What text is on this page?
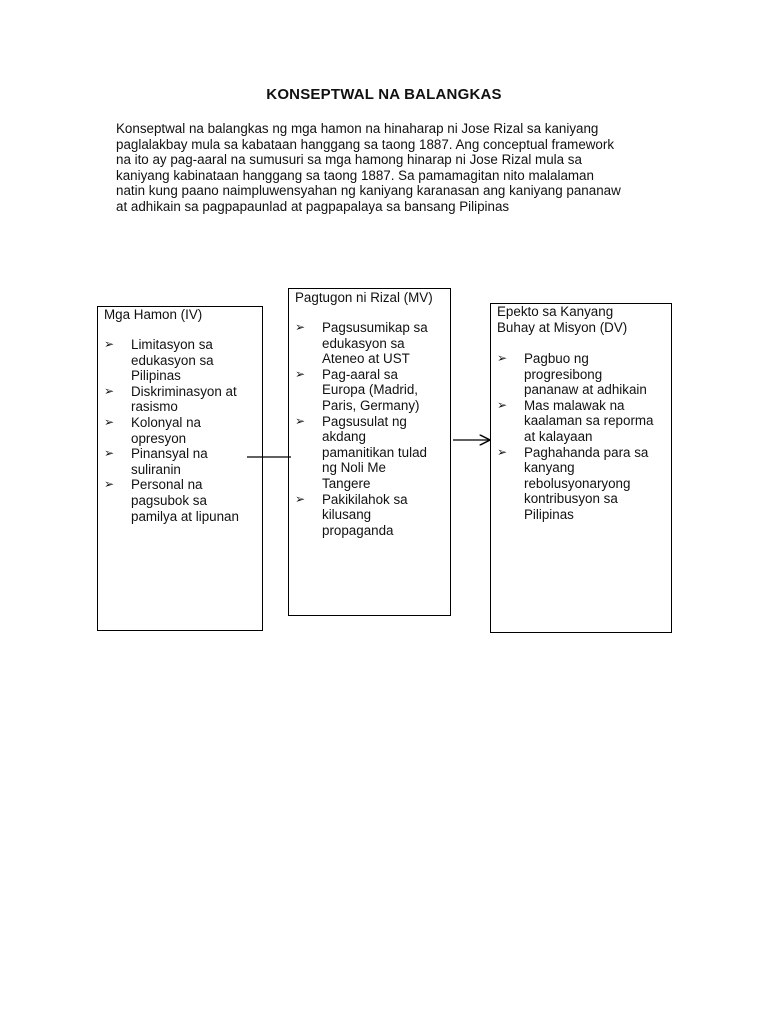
KONSEPTWAL NA BALANGKAS
Konseptwal na balangkas ng mga hamon na hinaharap ni Jose Rizal sa kaniyang
paglalakbay mula sa kabataan hanggang sa taong 1887. Ang conceptual framework
na ito ay pag-aaral na sumusuri sa mga hamong hinarap ni Jose Rizal mula sa
kaniyang kabinataan hanggang sa taong 1887. Sa pamamagitan nito malalaman
natin kung paano naimpluwensyahan ng kaniyang karanasan ang kaniyang pananaw
at adhikain sa pagpapaunlad at pagpapalaya sa bansang Pilipinas
Mga Hamon (IV)
➢ Limitasyon sa
edukasyon sa
Pilipinas
➢ Diskriminasyon at
rasismo
➢ Kolonyal na
opresyon
➢ Pinansyal na
suliranin
➢ Personal na
pagsubok sa
pamilya at lipunan
Pagtugon ni Rizal (MV)
➢ Pagsusumikap sa
edukasyon sa
Ateneo at UST
➢ Pag-aaral sa
Europa (Madrid,
Paris, Germany)
➢ Pagsusulat ng
akdang
pamanitikan tulad
ng Noli Me
Tangere
➢ Pakikilahok sa
kilusang
propaganda
Epekto sa Kanyang
Buhay at Misyon (DV)
➢ Pagbuo ng
progresibong
pananaw at adhikain
➢ Mas malawak na
kaalaman sa reporma
at kalayaan
➢ Paghahanda para sa
kanyang
rebolusyonaryong
kontribusyon sa
Pilipinas
